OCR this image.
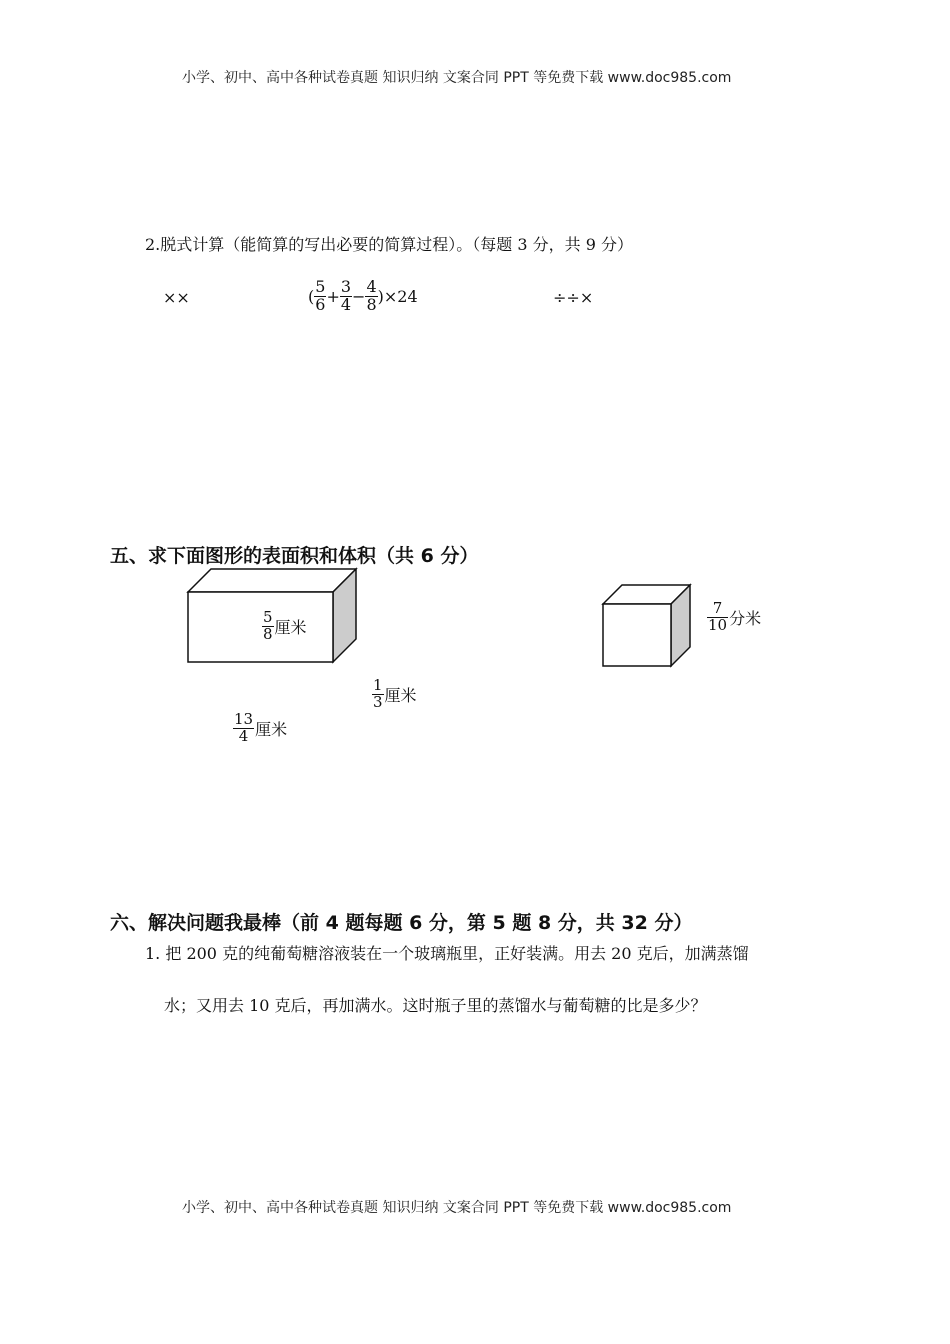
小学、初中、高中各种试卷真题 知识归纳 文案合同 PPT 等免费下载 www.doc985.com
2.脱式计算（能简算的写出必要的简算过程）。（每题 3 分，共 9 分）
××	( $\frac{5}{6} + \frac{3}{4} - \frac{4}{8} )\times 24$	÷÷×
五、求下面图形的表面积和体积（共 6 分）
$\frac{5}{8}$ 厘米
$\frac{1}{3}$ 厘米
$\frac{13}{4}$ 厘米
$\frac{7}{10}$ 分米
六、解决问题我最棒（前 4 题每题 6 分，第 5 题 8 分，共 32 分）
1. 把 200 克的纯葡萄糖溶液装在一个玻璃瓶里，正好装满。用去 20 克后，加满蒸馏
水；又用去 10 克后，再加满水。这时瓶子里的蒸馏水与葡萄糖的比是多少？
小学、初中、高中各种试卷真题 知识归纳 文案合同 PPT 等免费下载 www.doc985.com
